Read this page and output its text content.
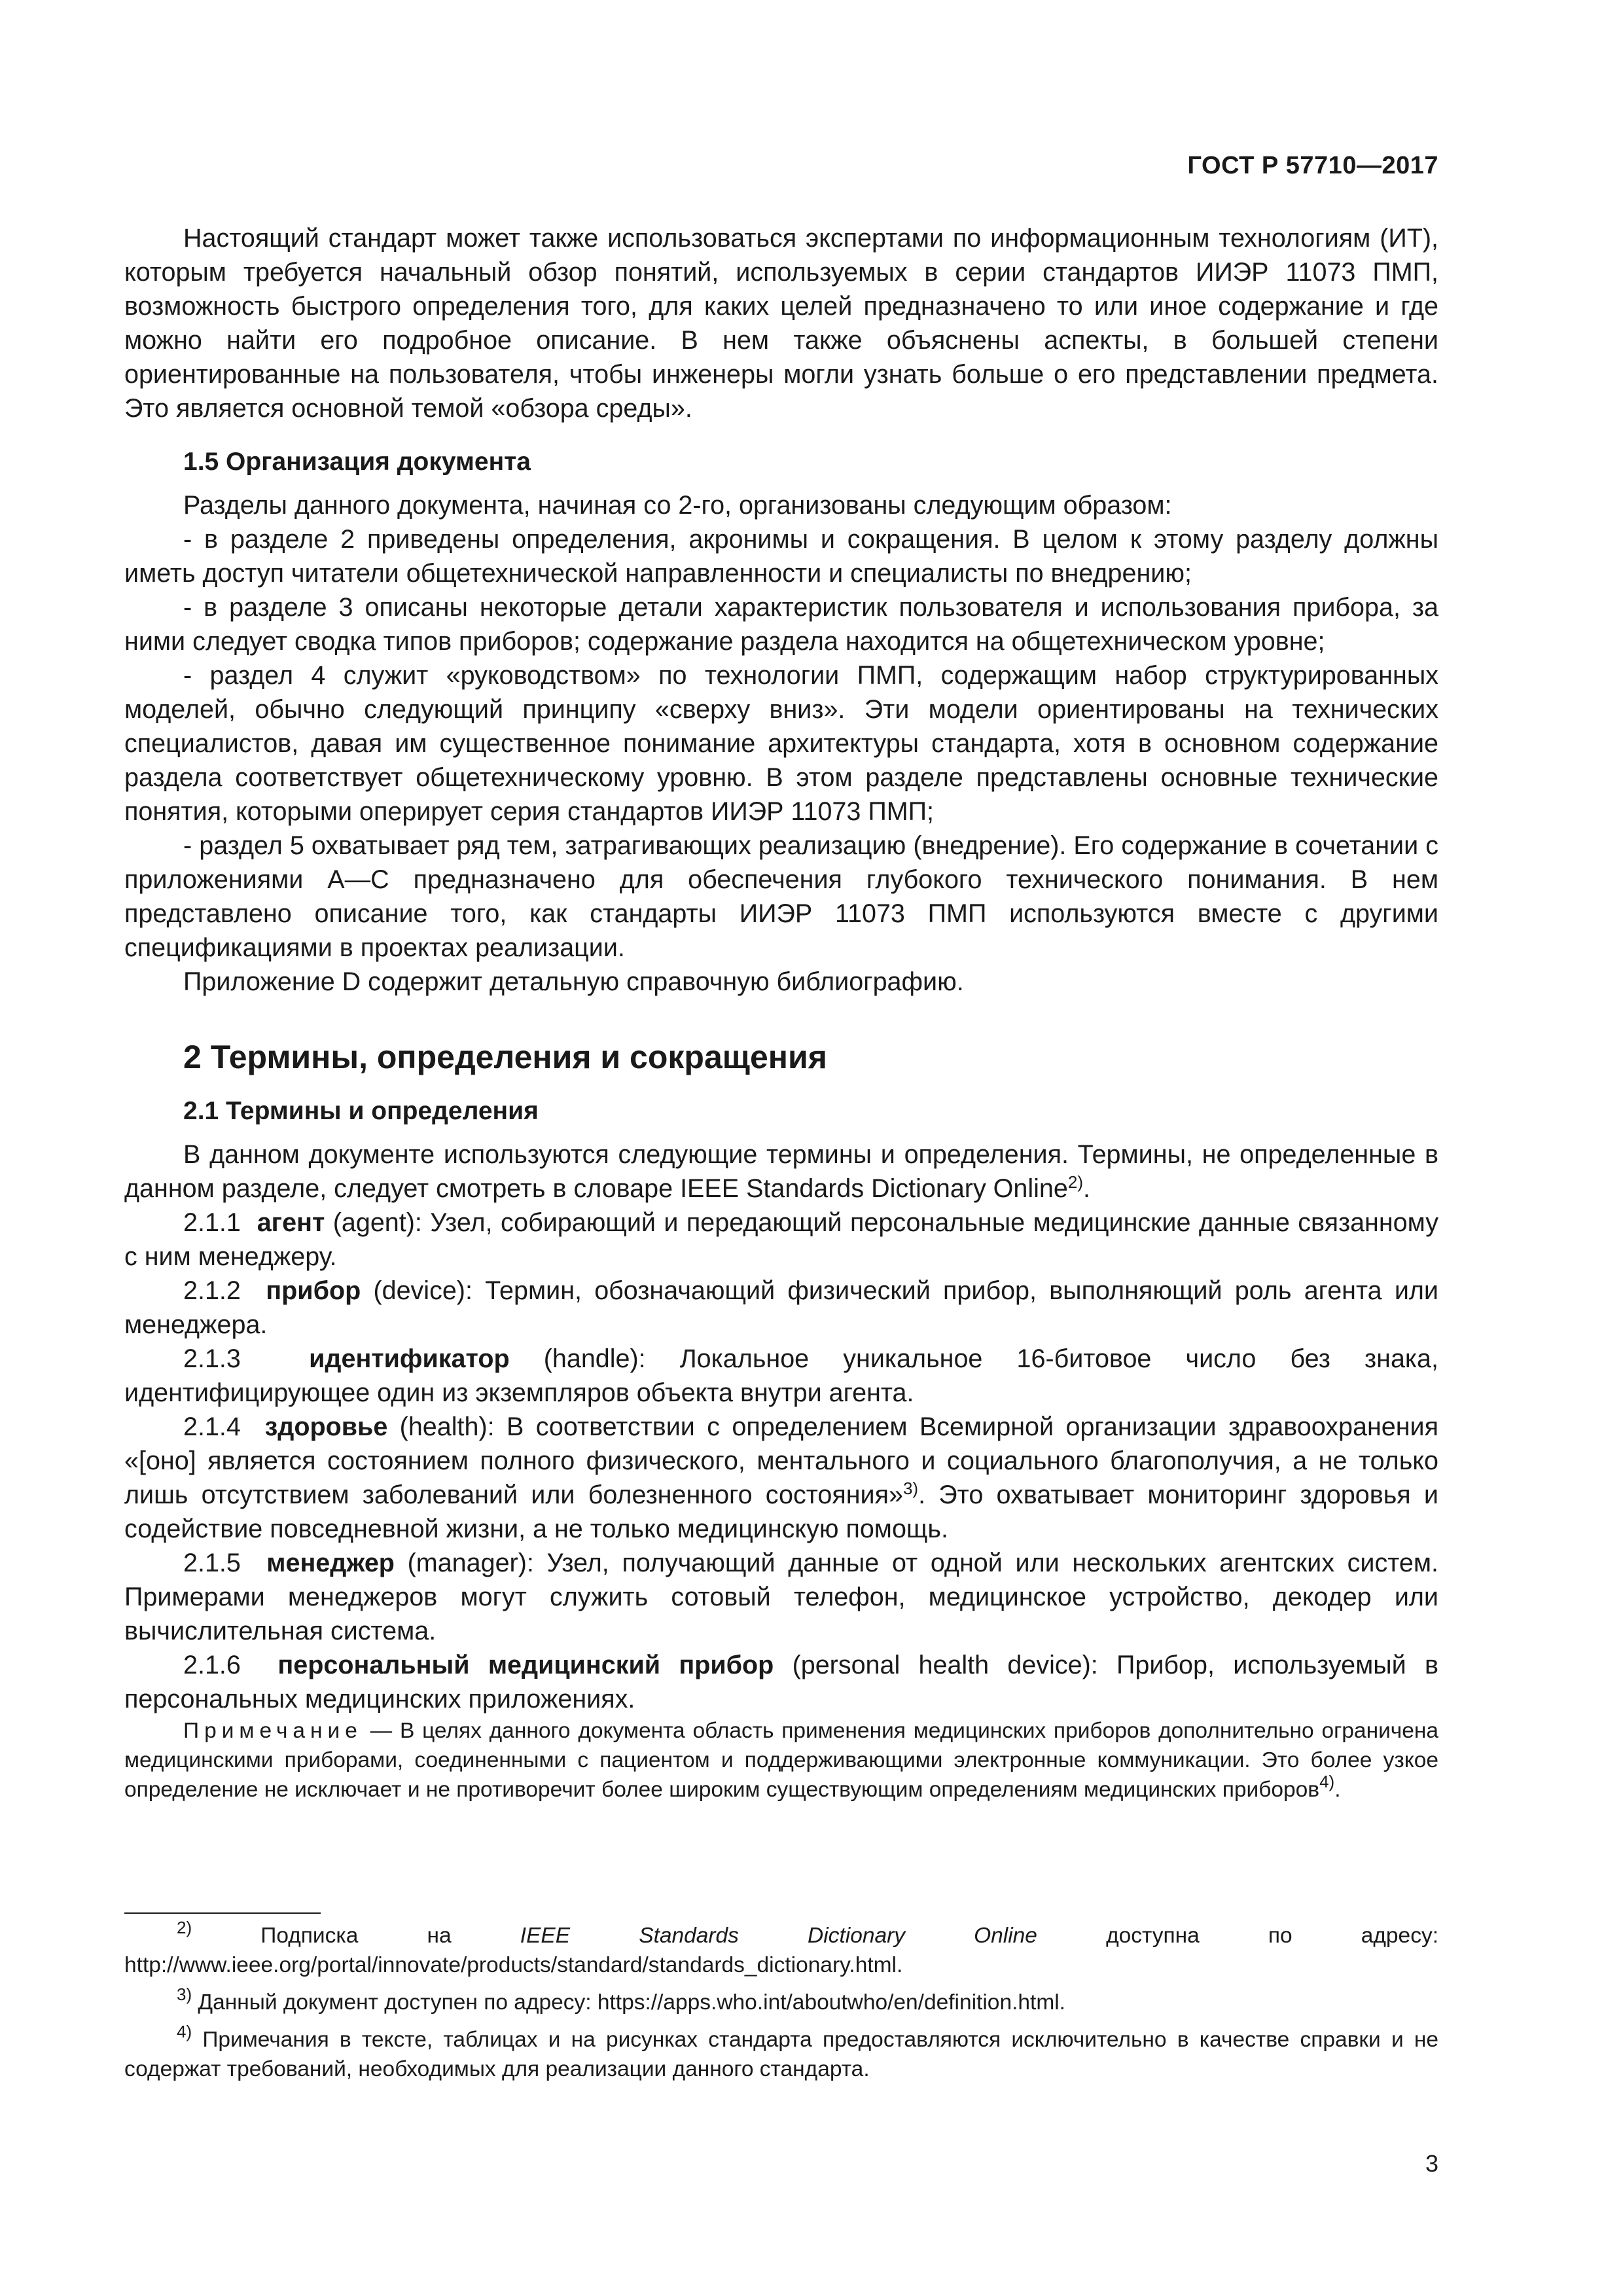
ГОСТ Р 57710—2017

Настоящий стандарт может также использоваться экспертами по информационным технологиям (ИТ), которым требуется начальный обзор понятий, используемых в серии стандартов ИИЭР 11073 ПМП, возможность быстрого определения того, для каких целей предназначено то или иное содержание и где можно найти его подробное описание. В нем также объяснены аспекты, в большей степени ориентированные на пользователя, чтобы инженеры могли узнать больше о его представлении предмета. Это является основной темой «обзора среды».

1.5 Организация документа

Разделы данного документа, начиная со 2-го, организованы следующим образом:

- в разделе 2 приведены определения, акронимы и сокращения. В целом к этому разделу должны иметь доступ читатели общетехнической направленности и специалисты по внедрению;

- в разделе 3 описаны некоторые детали характеристик пользователя и использования прибора, за ними следует сводка типов приборов; содержание раздела находится на общетехническом уровне;

- раздел 4 служит «руководством» по технологии ПМП, содержащим набор структурированных моделей, обычно следующий принципу «сверху вниз». Эти модели ориентированы на технических специалистов, давая им существенное понимание архитектуры стандарта, хотя в основном содержание раздела соответствует общетехническому уровню. В этом разделе представлены основные технические понятия, которыми оперирует серия стандартов ИИЭР 11073 ПМП;

- раздел 5 охватывает ряд тем, затрагивающих реализацию (внедрение). Его содержание в сочетании с приложениями А—С предназначено для обеспечения глубокого технического понимания. В нем представлено описание того, как стандарты ИИЭР 11073 ПМП используются вместе с другими спецификациями в проектах реализации.

Приложение D содержит детальную справочную библиографию.

2 Термины, определения и сокращения
2.1 Термины и определения

В данном документе используются следующие термины и определения. Термины, не определенные в данном разделе, следует смотреть в словаре IEEE Standards Dictionary Online$^{2)}$.

2.1.1 агент (agent): Узел, собирающий и передающий персональные медицинские данные связанному с ним менеджеру.

2.1.2 прибор (device): Термин, обозначающий физический прибор, выполняющий роль агента или менеджера.

2.1.3	идентификатор (handle): Локальное уникальное 16-битовое число без знака, идентифицирующее один из экземпляров объекта внутри агента.

2.1.4 здоровье (health): В соответствии с определением Всемирной организации здравоохранения «[оно] является состоянием полного физического, ментального и социального благополучия, а не только лишь отсутствием заболеваний или болезненного состояния»$^{3)}$. Это охватывает мониторинг здоровья и содействие повседневной жизни, а не только медицинскую помощь.

2.1.5 менеджер (manager): Узел, получающий данные от одной или нескольких агентских систем. Примерами менеджеров могут служить сотовый телефон, медицинское устройство, декодер или вычислительная система.

2.1.6 персональный медицинский прибор (personal health device): Прибор, используемый в персональных медицинских приложениях.

Примечание — В целях данного документа область применения медицинских приборов дополнительно ограничена медицинскими приборами, соединенными с пациентом и поддерживающими электронные коммуникации. Это более узкое определение не исключает и не противоречит более широким существующим определениям медицинских приборов$^{4)}$.

$^{2)}$ Подписка на IEEE Standards Dictionary Online доступна по адресу: http://www.ieee.org/portal/innovate/products/standard/standards_dictionary.html.

$^{3)}$ Данный документ доступен по адресу: https://apps.who.int/aboutwho/en/definition.html.

$^{4)}$ Примечания в тексте, таблицах и на рисунках стандарта предоставляются исключительно в качестве справки и не содержат требований, необходимых для реализации данного стандарта.

3
